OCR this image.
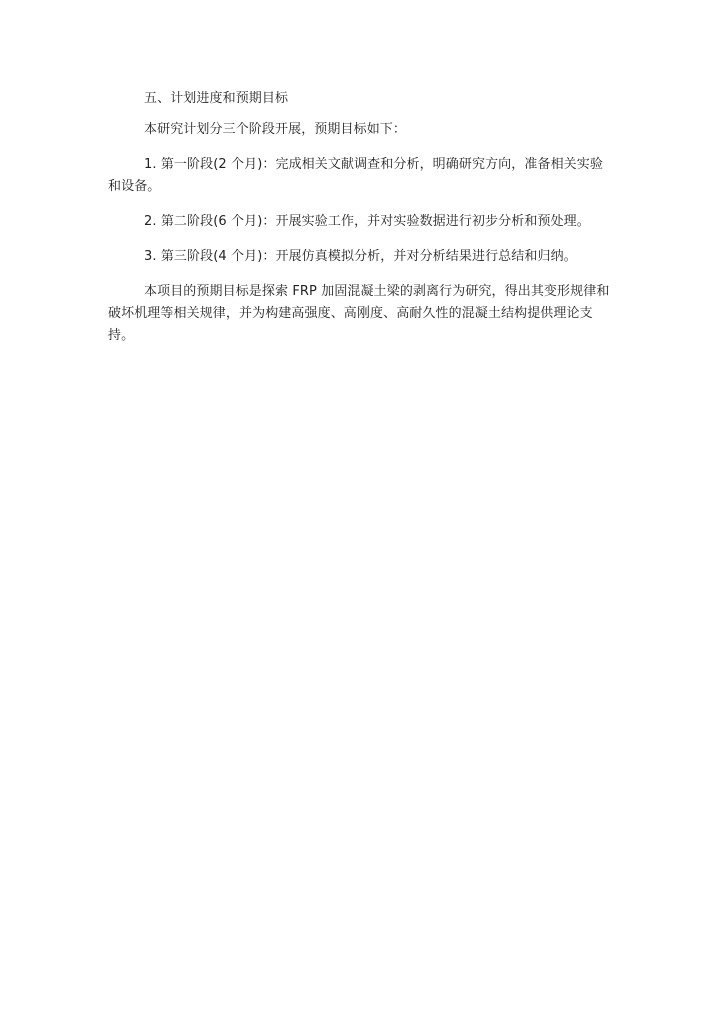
五、计划进度和预期目标

本研究计划分三个阶段开展，预期目标如下：

1. 第一阶段(2 个月)：完成相关文献调查和分析，明确研究方向，准备相关实验和设备。

2. 第二阶段(6 个月)：开展实验工作，并对实验数据进行初步分析和预处理。

3. 第三阶段(4 个月)：开展仿真模拟分析，并对分析结果进行总结和归纳。

本项目的预期目标是探索 FRP 加固混凝土梁的剥离行为研究，得出其变形规律和破坏机理等相关规律，并为构建高强度、高刚度、高耐久性的混凝土结构提供理论支持。
